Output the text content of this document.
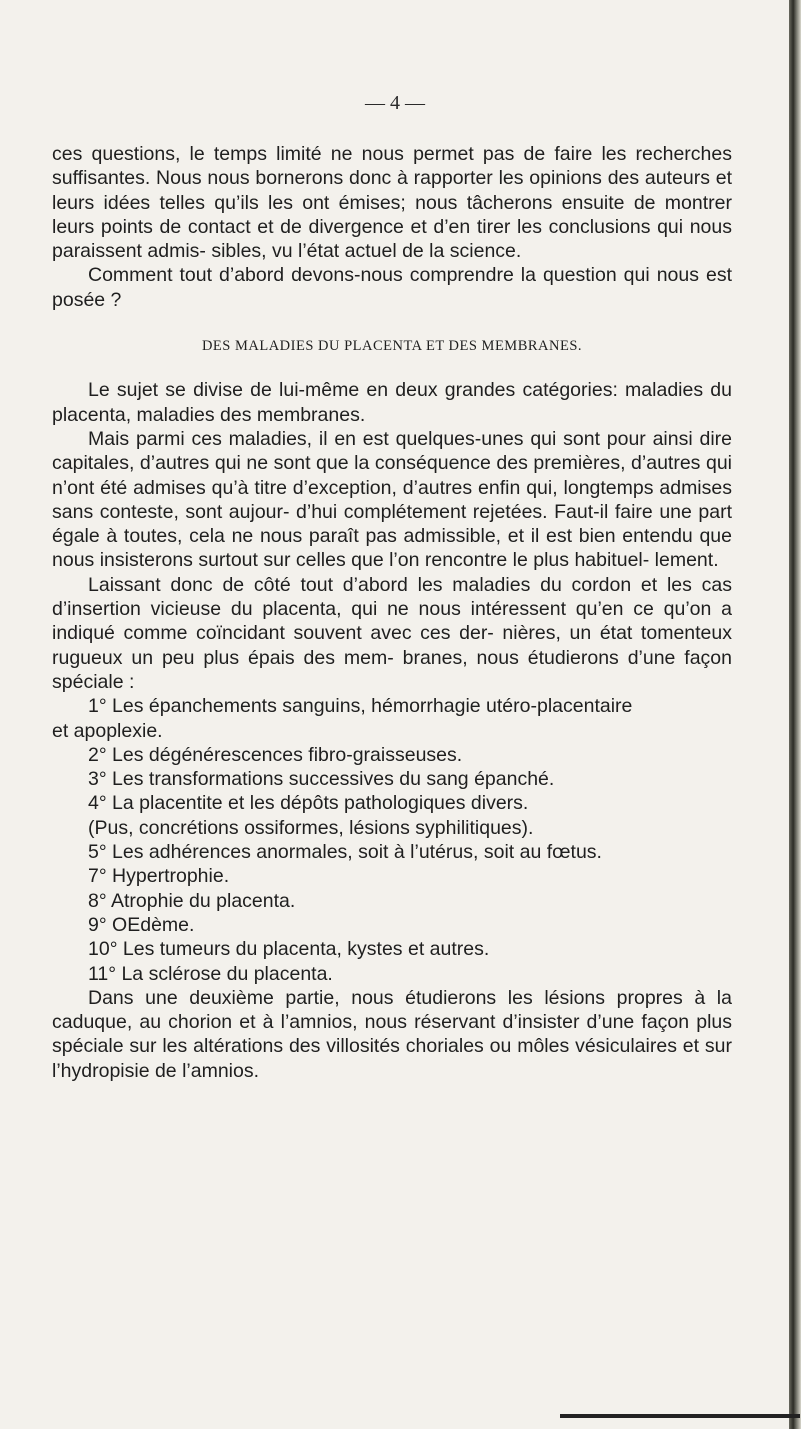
— 4 —

ces questions, le temps limité ne nous permet pas de faire les recherches suffisantes. Nous nous bornerons donc à rapporter les opinions des auteurs et leurs idées telles qu’ils les ont émises; nous tâcherons ensuite de montrer leurs points de contact et de divergence et d’en tirer les conclusions qui nous paraissent admis- sibles, vu l’état actuel de la science.

Comment tout d’abord devons-nous comprendre la question qui nous est posée ?

DES MALADIES DU PLACENTA ET DES MEMBRANES.

Le sujet se divise de lui-même en deux grandes catégories: maladies du placenta, maladies des membranes.

Mais parmi ces maladies, il en est quelques-unes qui sont pour ainsi dire capitales, d’autres qui ne sont que la conséquence des premières, d’autres qui n’ont été admises qu’à titre d’exception, d’autres enfin qui, longtemps admises sans conteste, sont aujour- d’hui complétement rejetées. Faut-il faire une part égale à toutes, cela ne nous paraît pas admissible, et il est bien entendu que nous insisterons surtout sur celles que l’on rencontre le plus habituel- lement.

Laissant donc de côté tout d’abord les maladies du cordon et les cas d’insertion vicieuse du placenta, qui ne nous intéressent qu’en ce qu’on a indiqué comme coïncidant souvent avec ces der- nières, un état tomenteux rugueux un peu plus épais des mem- branes, nous étudierons d’une façon spéciale :

1° Les épanchements sanguins, hémorrhagie utéro-placentaire

et apoplexie.

2° Les dégénérescences fibro-graisseuses.

3° Les transformations successives du sang épanché.

4° La placentite et les dépôts pathologiques divers.

(Pus, concrétions ossiformes, lésions syphilitiques).

5° Les adhérences anormales, soit à l’utérus, soit au fœtus.

7° Hypertrophie.

8° Atrophie du placenta.

9° OEdème.

10° Les tumeurs du placenta, kystes et autres.

11° La sclérose du placenta.

Dans une deuxième partie, nous étudierons les lésions propres à la caduque, au chorion et à l’amnios, nous réservant d’insister d’une façon plus spéciale sur les altérations des villosités choriales ou môles vésiculaires et sur l’hydropisie de l’amnios.
